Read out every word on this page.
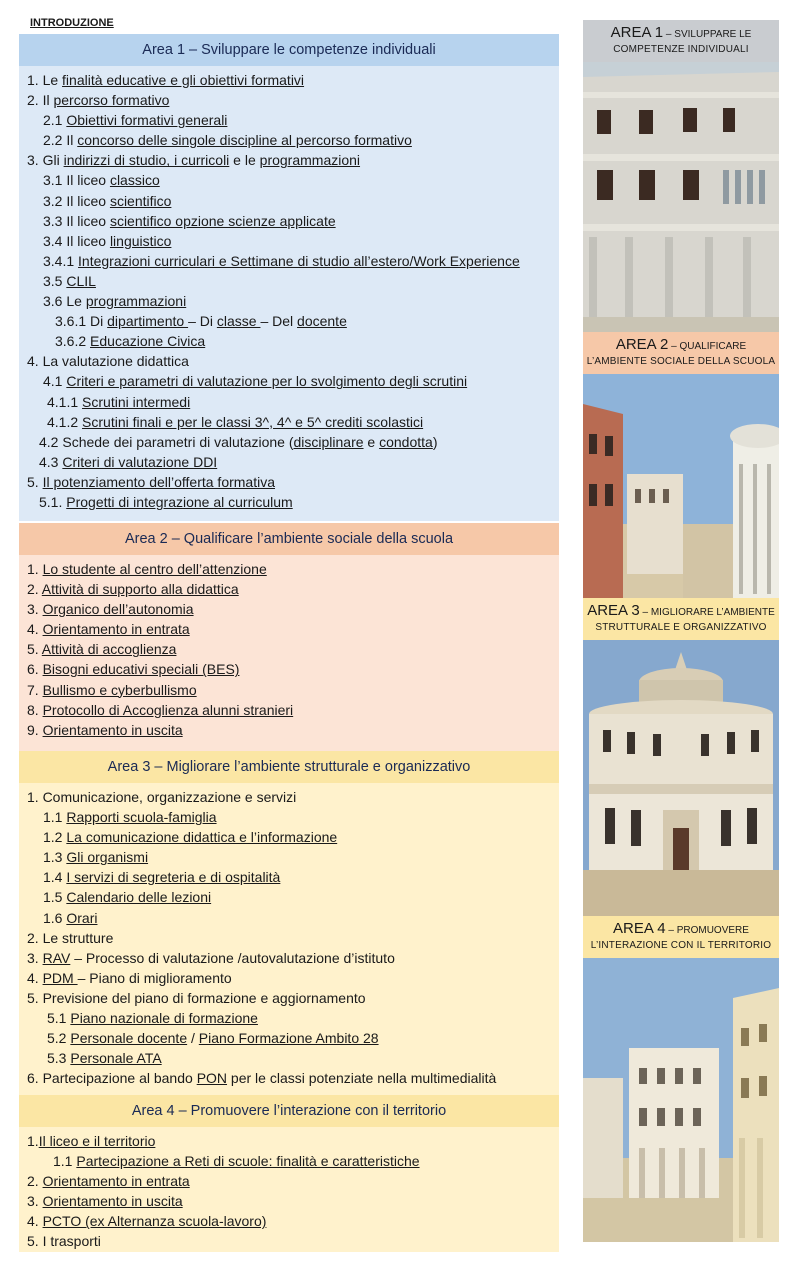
INTRODUZIONE
Area 1 – Sviluppare le competenze individuali
1. Le finalità educative e gli obiettivi formativi
2. Il percorso formativo
2.1 Obiettivi formativi generali
2.2 Il concorso delle singole discipline al percorso formativo
3. Gli indirizzi di studio, i curricoli e le programmazioni
3.1 Il liceo classico
3.2 Il liceo scientifico
3.3 Il liceo scientifico opzione scienze applicate
3.4 Il liceo linguistico
3.4.1 Integrazioni curriculari e Settimane di studio all’estero/Work Experience
3.5 CLIL
3.6 Le programmazioni
3.6.1 Di dipartimento – Di classe – Del docente
3.6.2 Educazione Civica
4. La valutazione didattica
4.1 Criteri e parametri di valutazione per lo svolgimento degli scrutini
4.1.1 Scrutini intermedi
4.1.2 Scrutini finali e per le classi 3^, 4^ e 5^ crediti scolastici
4.2 Schede dei parametri di valutazione (disciplinare e condotta)
4.3 Criteri di valutazione DDI
5. Il potenziamento dell’offerta formativa
5.1. Progetti di integrazione al curriculum
Area 2 – Qualificare l’ambiente sociale della scuola
1. Lo studente al centro dell’attenzione
2. Attività di supporto alla didattica
3. Organico dell’autonomia
4. Orientamento in entrata
5. Attività di accoglienza
6. Bisogni educativi speciali (BES)
7. Bullismo e cyberbullismo
8. Protocollo di Accoglienza alunni stranieri
9. Orientamento in uscita
Area 3 – Migliorare l’ambiente strutturale e organizzativo
1. Comunicazione, organizzazione e servizi
1.1 Rapporti scuola-famiglia
1.2 La comunicazione didattica e l’informazione
1.3 Gli organismi
1.4 I servizi di segreteria e di ospitalità
1.5 Calendario delle lezioni
1.6 Orari
2. Le strutture
3. RAV – Processo di valutazione /autovalutazione d’istituto
4. PDM – Piano di miglioramento
5. Previsione del piano di formazione e aggiornamento
5.1 Piano nazionale di formazione
5.2 Personale docente / Piano Formazione Ambito 28
5.3 Personale ATA
6. Partecipazione al bando PON per le classi potenziate nella multimedialità
Area 4 – Promuovere l’interazione con il territorio
1.Il liceo e il territorio
1.1 Partecipazione a Reti di scuole: finalità e caratteristiche
2. Orientamento in entrata
3. Orientamento in uscita
4. PCTO (ex Alternanza scuola-lavoro)
5. I trasporti
AREA 1 – SVILUPPARE LE
COMPETENZE INDIVIDUALI
AREA 2 – QUALIFICARE
L’AMBIENTE SOCIALE DELLA SCUOLA
AREA 3 – MIGLIORARE L’AMBIENTE
STRUTTURALE E ORGANIZZATIVO
AREA 4 – PROMUOVERE
L’INTERAZIONE CON IL TERRITORIO
